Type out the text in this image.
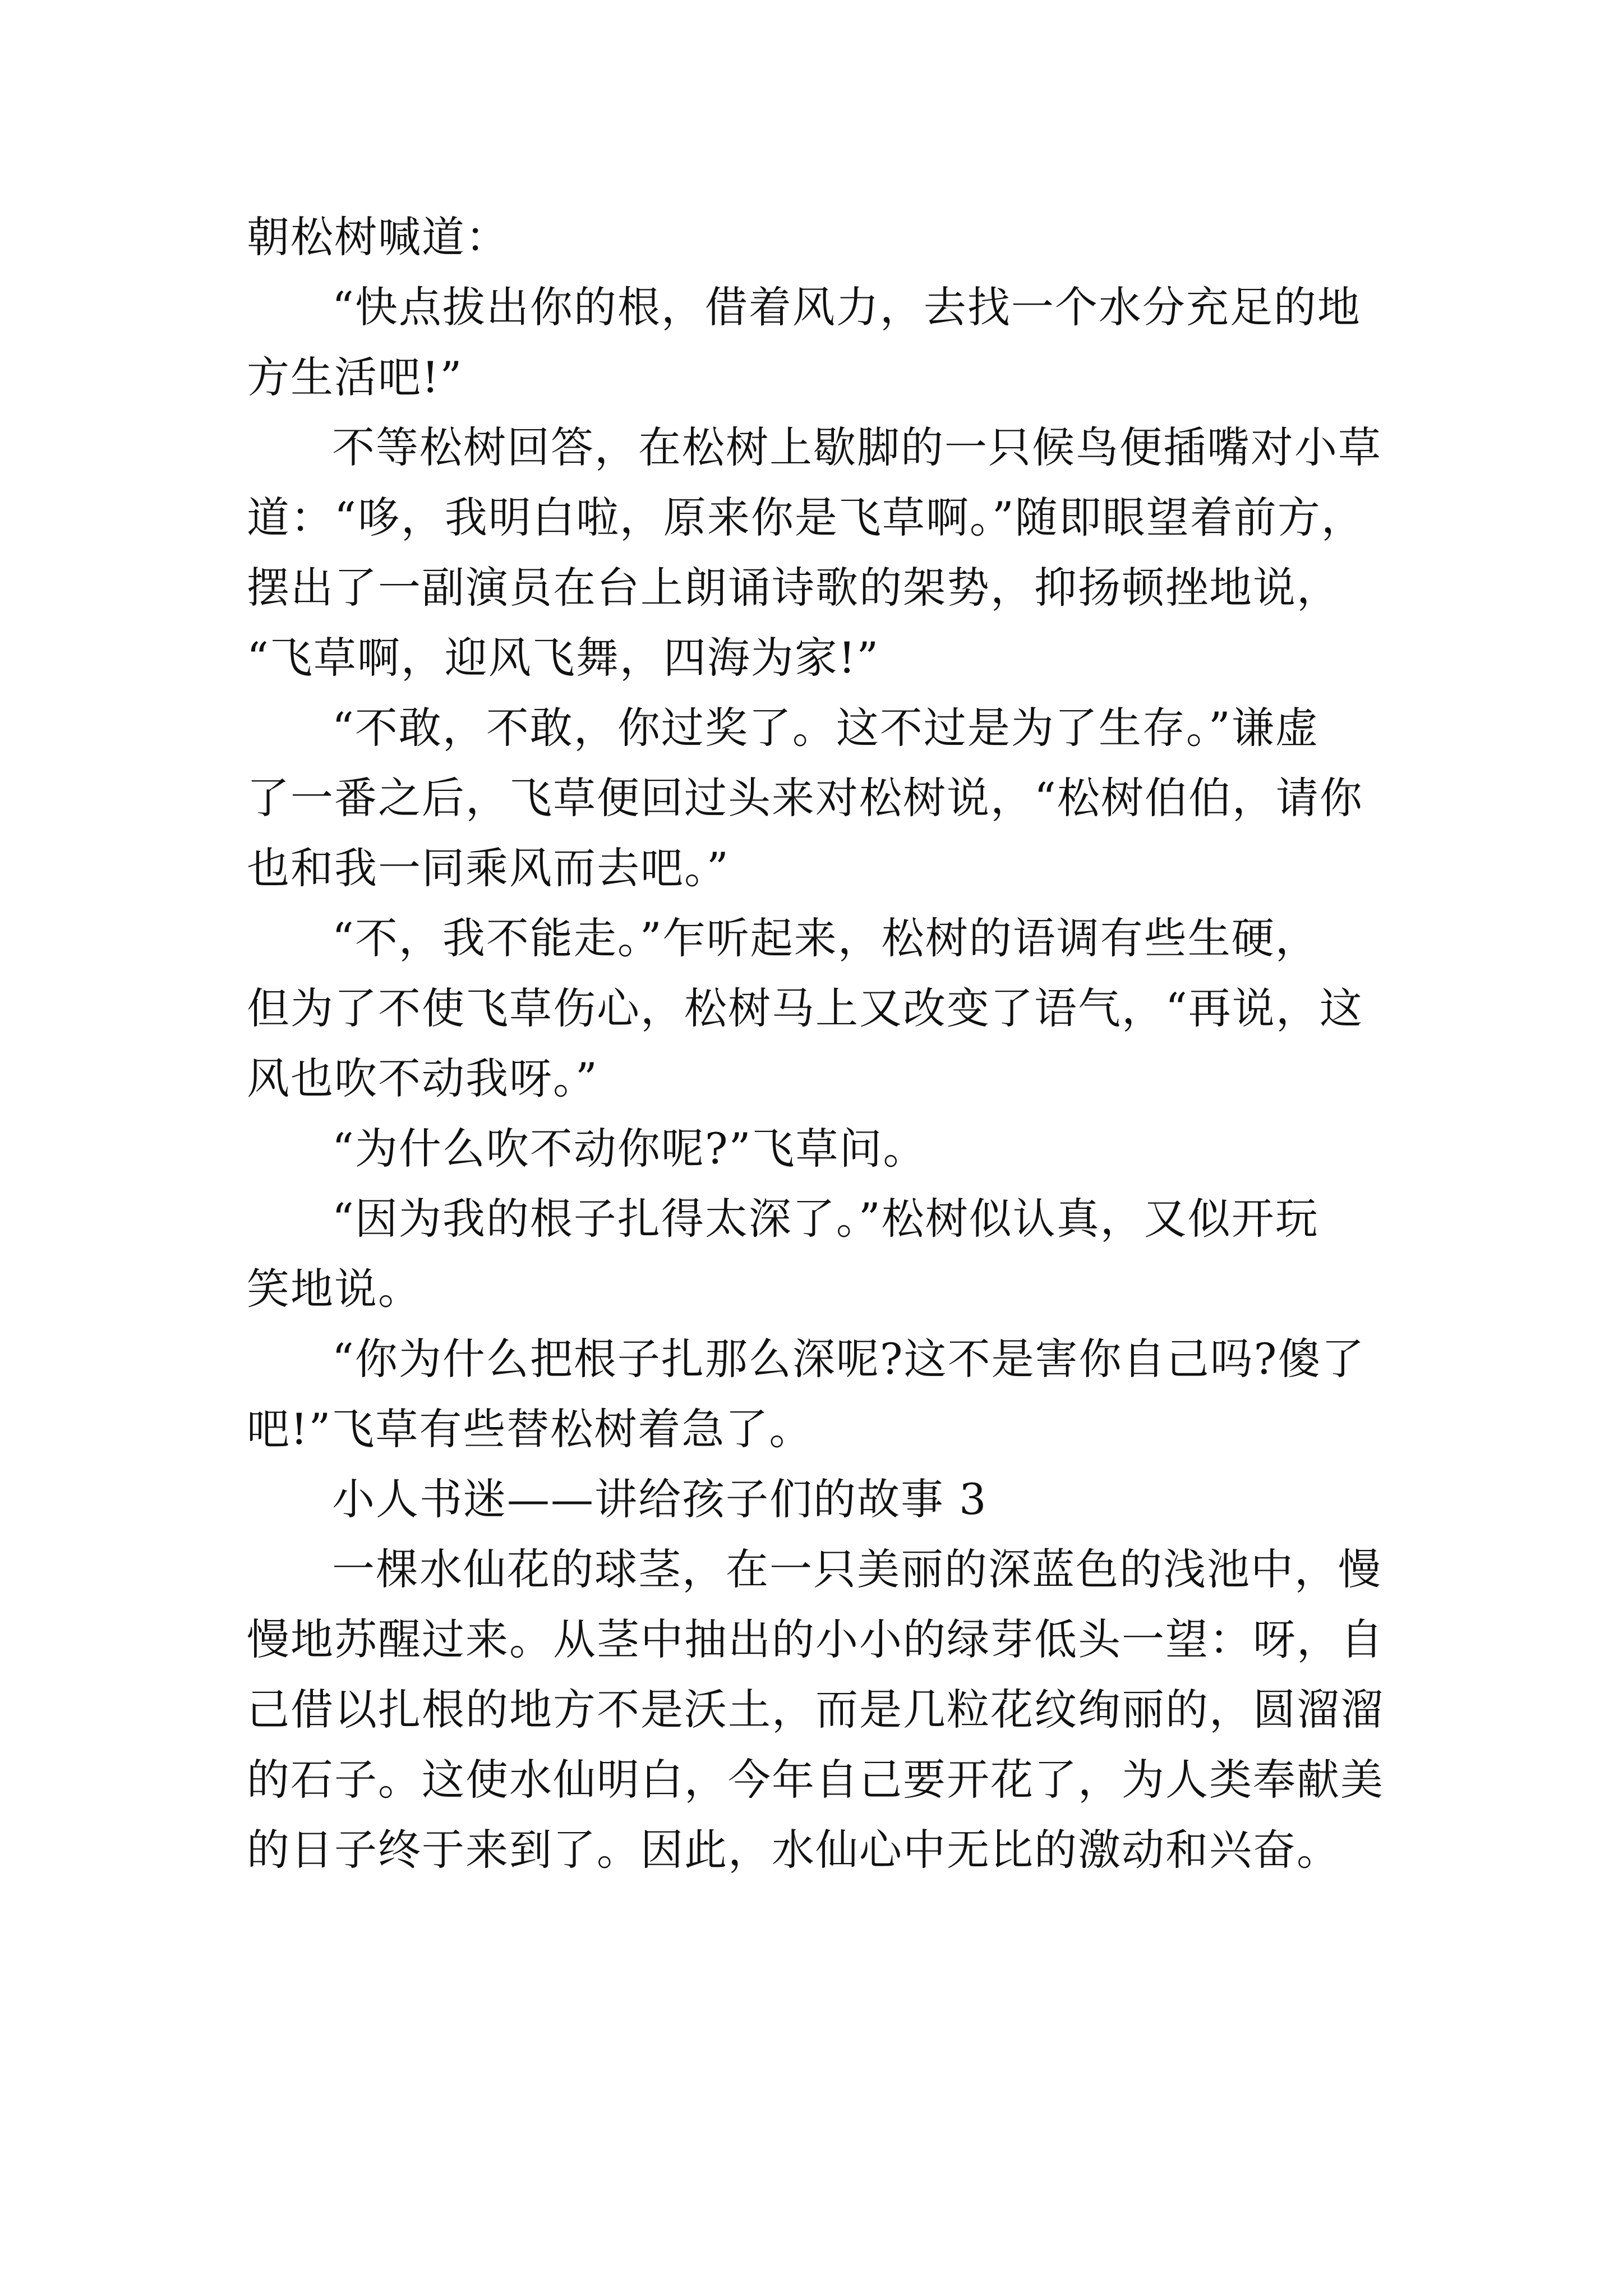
朝松树喊道：
“快点拔出你的根，借着风力，去找一个水分充足的地
方生活吧!”
不等松树回答，在松树上歇脚的一只候鸟便插嘴对小草
道：“哆，我明白啦，原来你是飞草啊。”随即眼望着前方，
摆出了一副演员在台上朗诵诗歌的架势，抑扬顿挫地说，
“飞草啊，迎风飞舞，四海为家!”
“不敢，不敢，你过奖了。这不过是为了生存。”谦虚
了一番之后，飞草便回过头来对松树说，“松树伯伯，请你
也和我一同乘风而去吧。”
“不，我不能走。”乍听起来，松树的语调有些生硬，
但为了不使飞草伤心，松树马上又改变了语气，“再说，这
风也吹不动我呀。”
“为什么吹不动你呢?”飞草问。
“因为我的根子扎得太深了。”松树似认真，又似开玩
笑地说。
“你为什么把根子扎那么深呢?这不是害你自己吗?傻了
吧!”飞草有些替松树着急了。
小人书迷——讲给孩子们的故事 3
一棵水仙花的球茎，在一只美丽的深蓝色的浅池中，慢
慢地苏醒过来。从茎中抽出的小小的绿芽低头一望：呀，自
己借以扎根的地方不是沃土，而是几粒花纹绚丽的，圆溜溜
的石子。这使水仙明白，今年自己要开花了，为人类奉献美
的日子终于来到了。因此，水仙心中无比的激动和兴奋。
